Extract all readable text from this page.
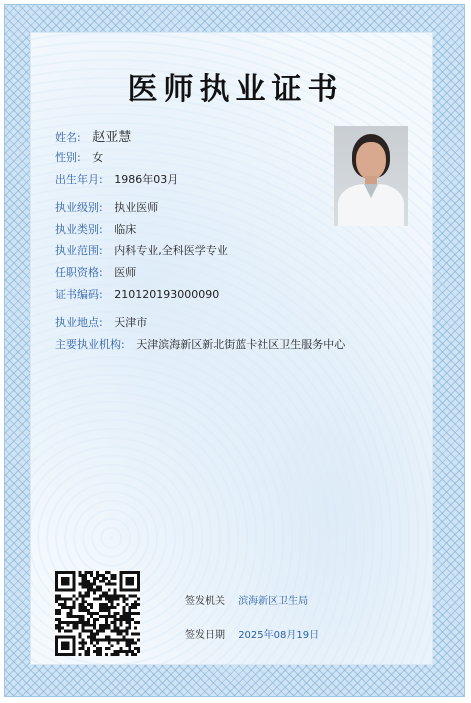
医师执业证书
姓名: 赵亚慧
性别: 女
出生年月: 1986年03月
执业级别: 执业医师
执业类别: 临床
执业范围: 内科专业,全科医学专业
任职资格: 医师
证书编码: 210120193000090
执业地点: 天津市
主要执业机构: 天津滨海新区新北街蓝卡社区卫生服务中心
签发机关 滨海新区卫生局
签发日期 2025年08月19日
